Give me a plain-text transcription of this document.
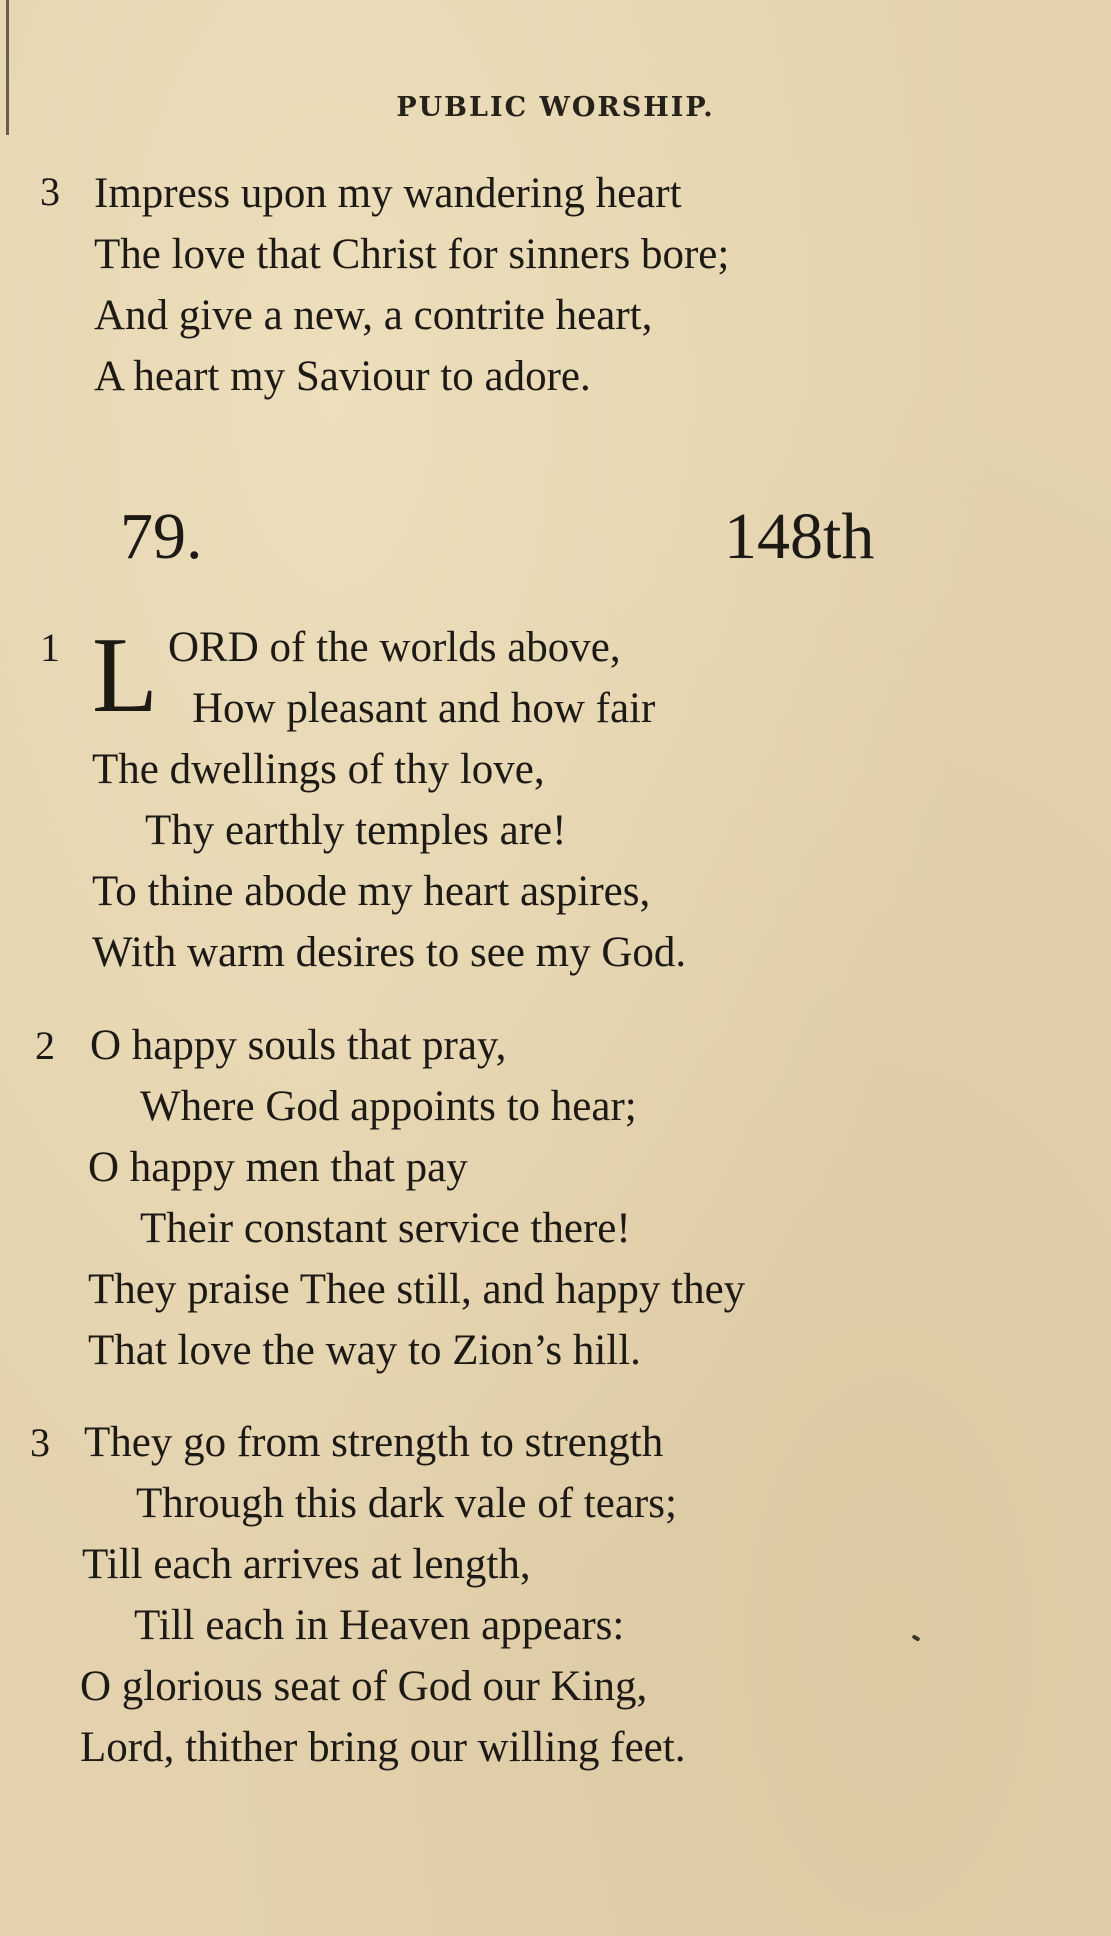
PUBLIC WORSHIP.
3 Impress upon my wandering heart
The love that Christ for sinners bore;
And give a new, a contrite heart,
A heart my Saviour to adore.
79.	148th
1 L ORD of the worlds above,
How pleasant and how fair
The dwellings of thy love,
Thy earthly temples are!
To thine abode my heart aspires,
With warm desires to see my God.
2 O happy souls that pray,
Where God appoints to hear;
O happy men that pay
Their constant service there!
They praise Thee still, and happy they
That love the way to Zion’s hill.
3 They go from strength to strength
Through this dark vale of tears;
Till each arrives at length,
Till each in Heaven appears:
O glorious seat of God our King,
Lord, thither bring our willing feet.
